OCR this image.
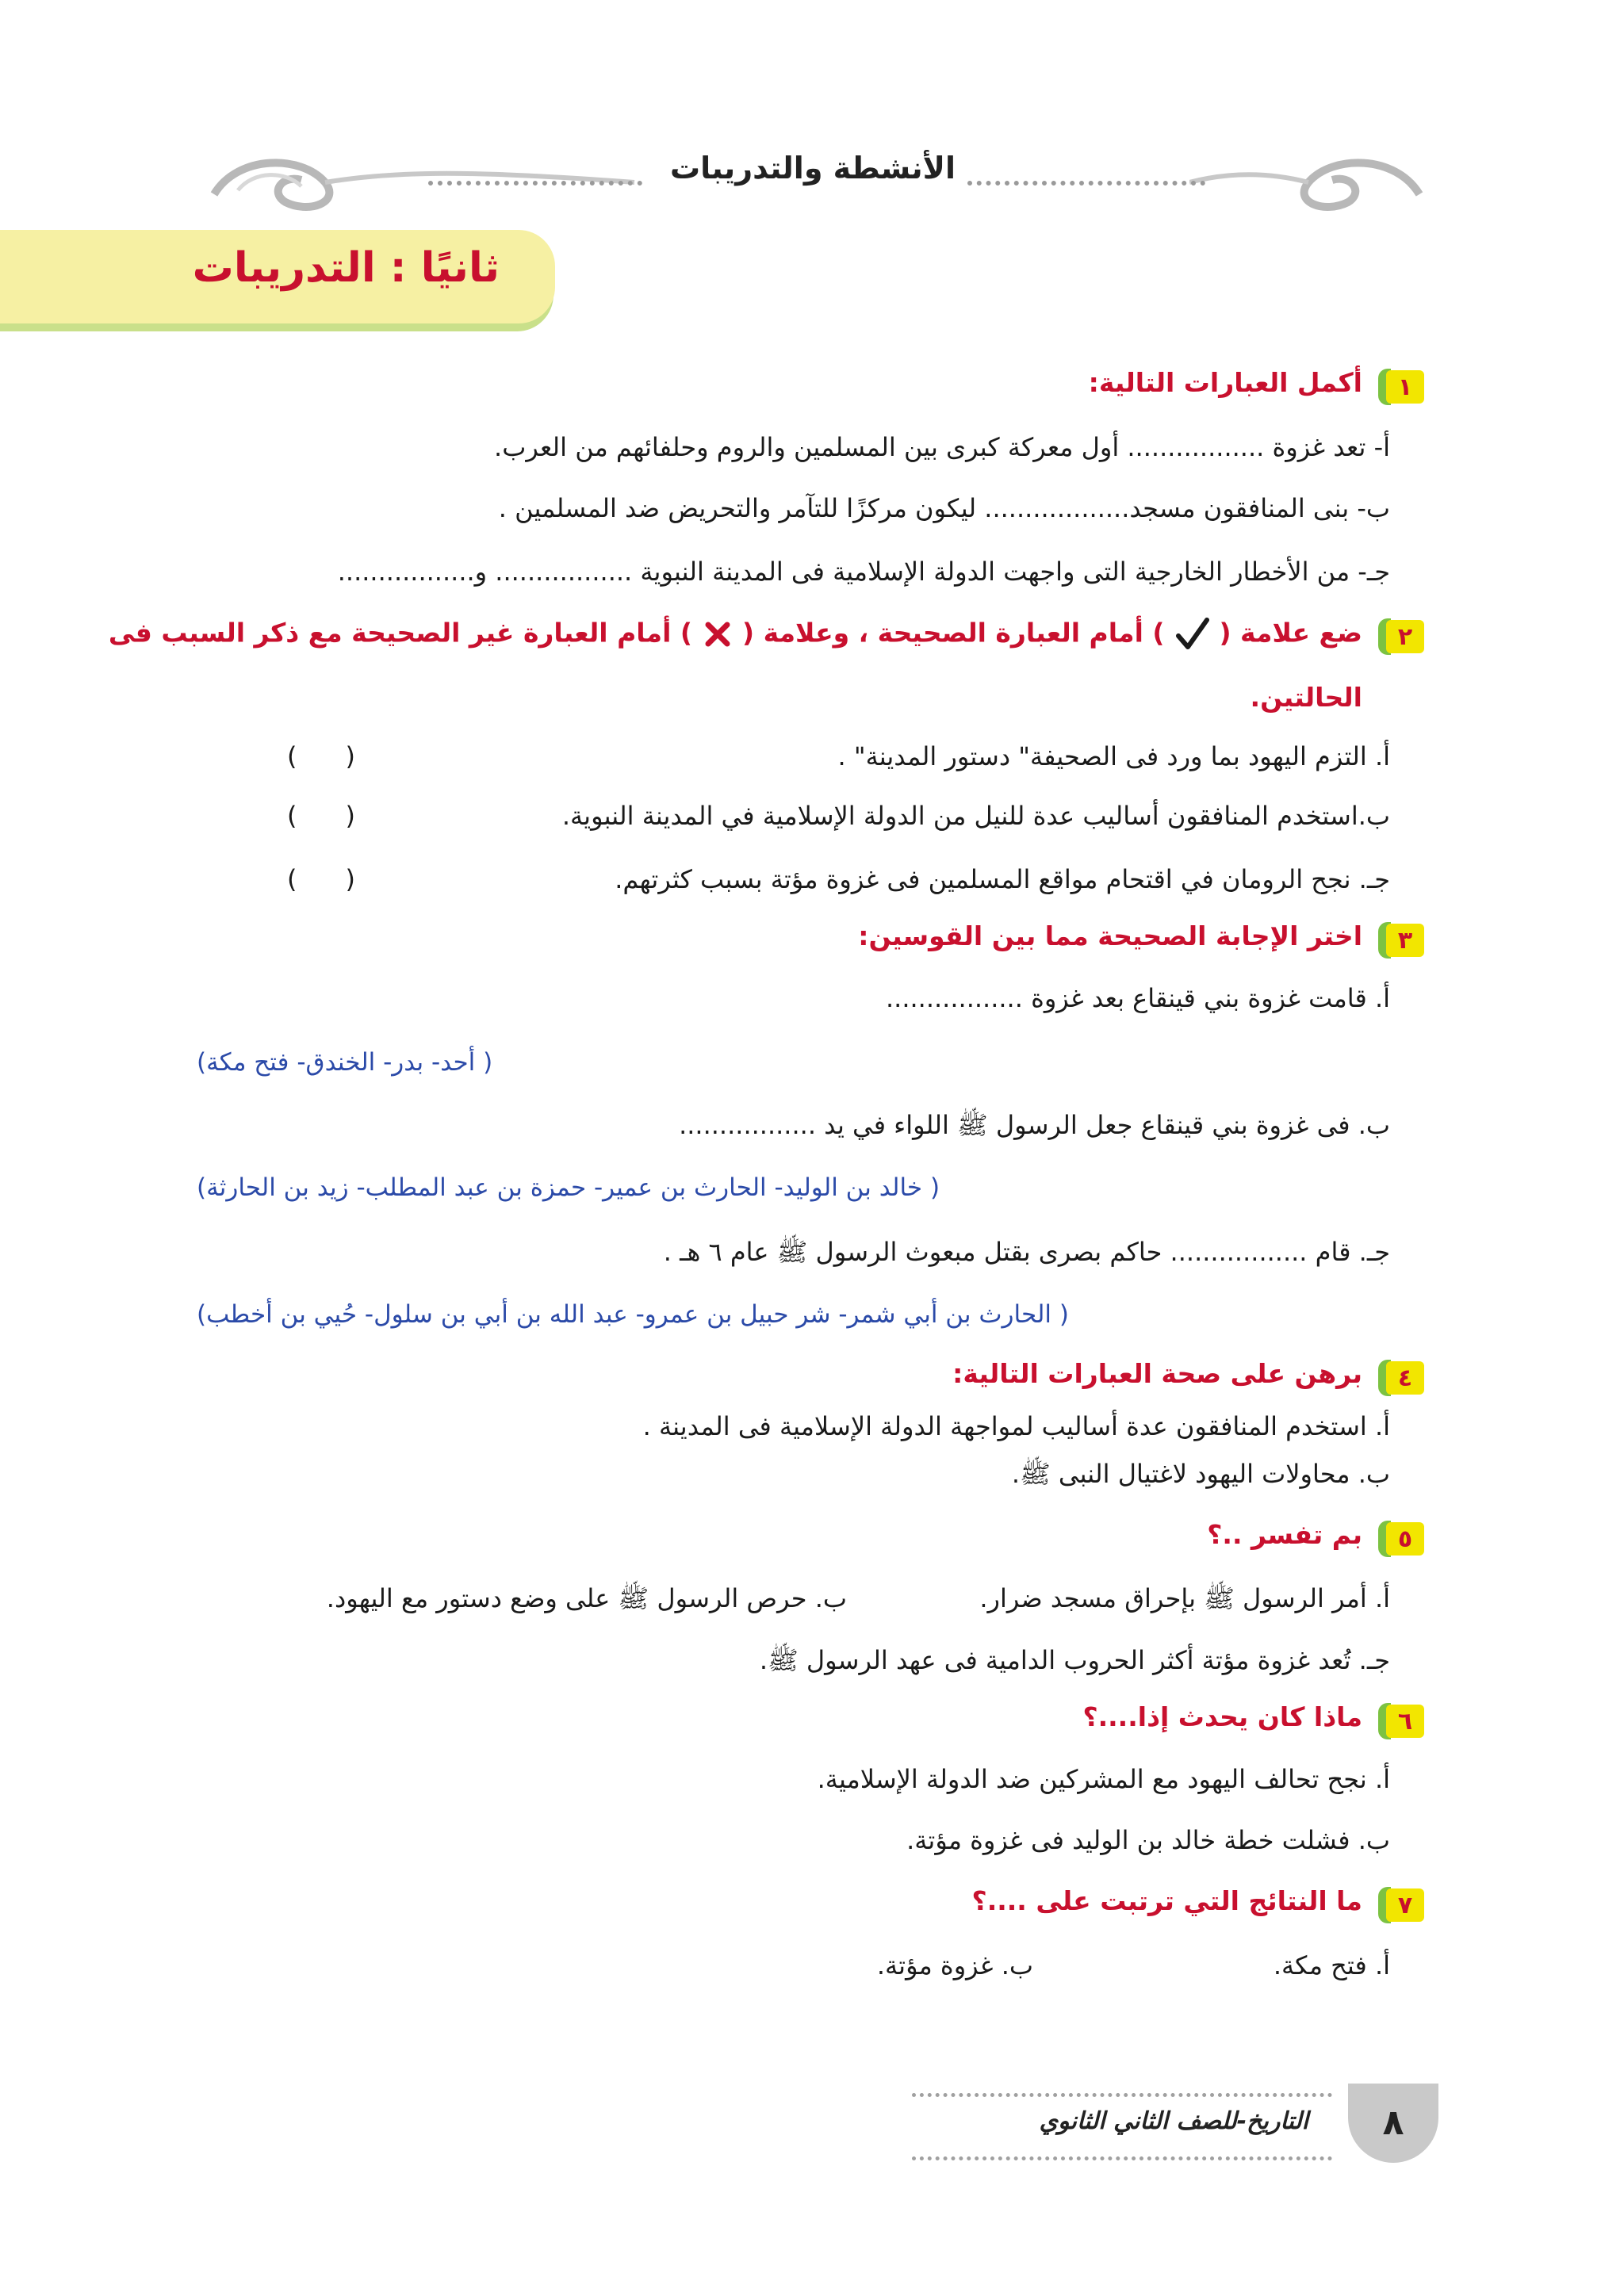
الأنشطة والتدريبات
ثانيًا : التدريبات
١
أكمل العبارات التالية:
أ- تعد غزوة ................. أول معركة كبرى بين المسلمين والروم وحلفائهم من العرب.
ب- بنى المنافقون مسجد.................. ليكون مركزًا للتآمر والتحريض ضد المسلمين .
جـ- من الأخطار الخارجية التى واجهت الدولة الإسلامية فى المدينة النبوية ................. و.................
٢
ضع علامة (  ) أمام العبارة الصحيحة ، وعلامة (  ) أمام العبارة غير الصحيحة مع ذكر السبب فى
الحالتين.
أ. التزم اليهود بما ورد فى الصحيفة" دستور المدينة" .
(      )
ب.استخدم المنافقون أساليب عدة للنيل من الدولة الإسلامية في المدينة النبوية.
(      )
جـ. نجح الرومان في اقتحام مواقع المسلمين فى غزوة مؤتة بسبب كثرتهم.
(      )
٣
اختر الإجابة الصحيحة مما بين القوسين:
أ. قامت غزوة بني قينقاع بعد غزوة .................
( أحد- بدر- الخندق- فتح مكة)
ب. فى غزوة بني قينقاع جعل الرسول ﷺ اللواء في يد .................
( خالد بن الوليد- الحارث بن عمير- حمزة بن عبد المطلب- زيد بن الحارثة)
جـ. قام ................. حاكم بصرى بقتل مبعوث الرسول ﷺ عام ٦ هـ .
( الحارث بن أبي شمر- شر حبيل بن عمرو- عبد الله بن أبي بن سلول- حُيي بن أخطب)
٤
برهن على صحة العبارات التالية:
أ. استخدم المنافقون عدة أساليب لمواجهة الدولة الإسلامية فى المدينة .
ب. محاولات اليهود لاغتيال النبى ﷺ.
٥
بم تفسر ..؟
أ. أمر الرسول ﷺ بإحراق مسجد ضرار.
ب. حرص الرسول ﷺ على وضع دستور مع اليهود.
جـ. تُعد غزوة مؤتة أكثر الحروب الدامية فى عهد الرسول ﷺ.
٦
ماذا كان يحدث إذا....؟
أ. نجح تحالف اليهود مع المشركين ضد الدولة الإسلامية.
ب. فشلت خطة خالد بن الوليد فى غزوة مؤتة.
٧
ما النتائج التي ترتبت على ....؟
أ. فتح مكة.
ب. غزوة مؤتة.
التاريخ-للصف الثاني الثانوي	٨
